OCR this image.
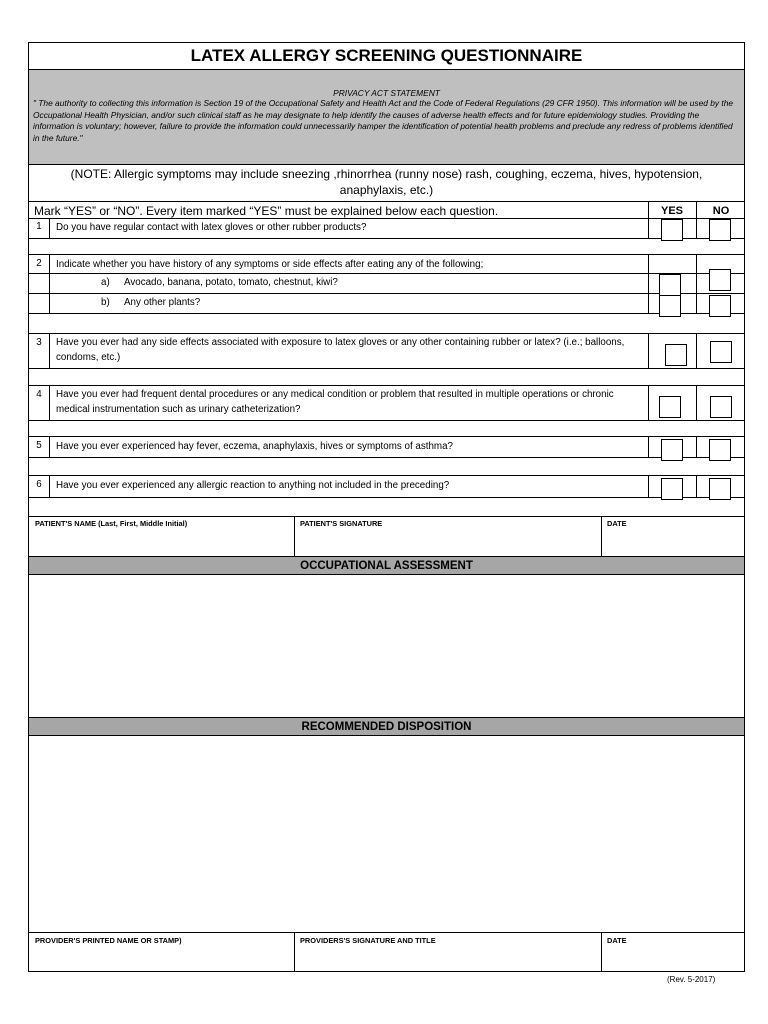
LATEX ALLERGY SCREENING QUESTIONNAIRE
PRIVACY ACT STATEMENT
" The authority to collecting this information is Section 19 of the Occupational Safety and Health Act and the Code of Federal Regulations (29 CFR 1950). This information will be used by the Occupational Health Physician, and/or such clinical staff as he may designate to help identify the causes of adverse health effects and for future epidemiology studies. Providing the information is voluntary; however, failure to provide the information could unnecessarily hamper the identification of potential health problems and preclude any redress of problems identified in the future."
(NOTE: Allergic symptoms may include sneezing ,rhinorrhea (runny nose) rash, coughing, eczema, hives, hypotension, anaphylaxis, etc.)
Mark “YES” or “NO”. Every item marked “YES” must be explained below each question.	YES	NO
1	Do you have regular contact with latex gloves or other rubber products?
2	Indicate whether you have history of any symptoms or side effects after eating any of the following;
a) Avocado, banana, potato, tomato, chestnut, kiwi?
b) Any other plants?
3	Have you ever had any side effects associated with exposure to latex gloves or any other containing rubber or latex? (i.e.; balloons, condoms, etc.)
4	Have you ever had frequent dental procedures or any medical condition or problem that resulted in multiple operations or chronic medical instrumentation such as urinary catheterization?
5	Have you ever experienced hay fever, eczema, anaphylaxis, hives or symptoms of asthma?
6	Have you ever experienced any allergic reaction to anything not included in the preceding?
PATIENT'S NAME (Last, First, Middle Initial)	PATIENT'S SIGNATURE	DATE
OCCUPATIONAL ASSESSMENT
RECOMMENDED DISPOSITION
PROVIDER'S PRINTED NAME OR STAMP)	PROVIDERS'S SIGNATURE AND TITLE	DATE
(Rev. 5-2017)
